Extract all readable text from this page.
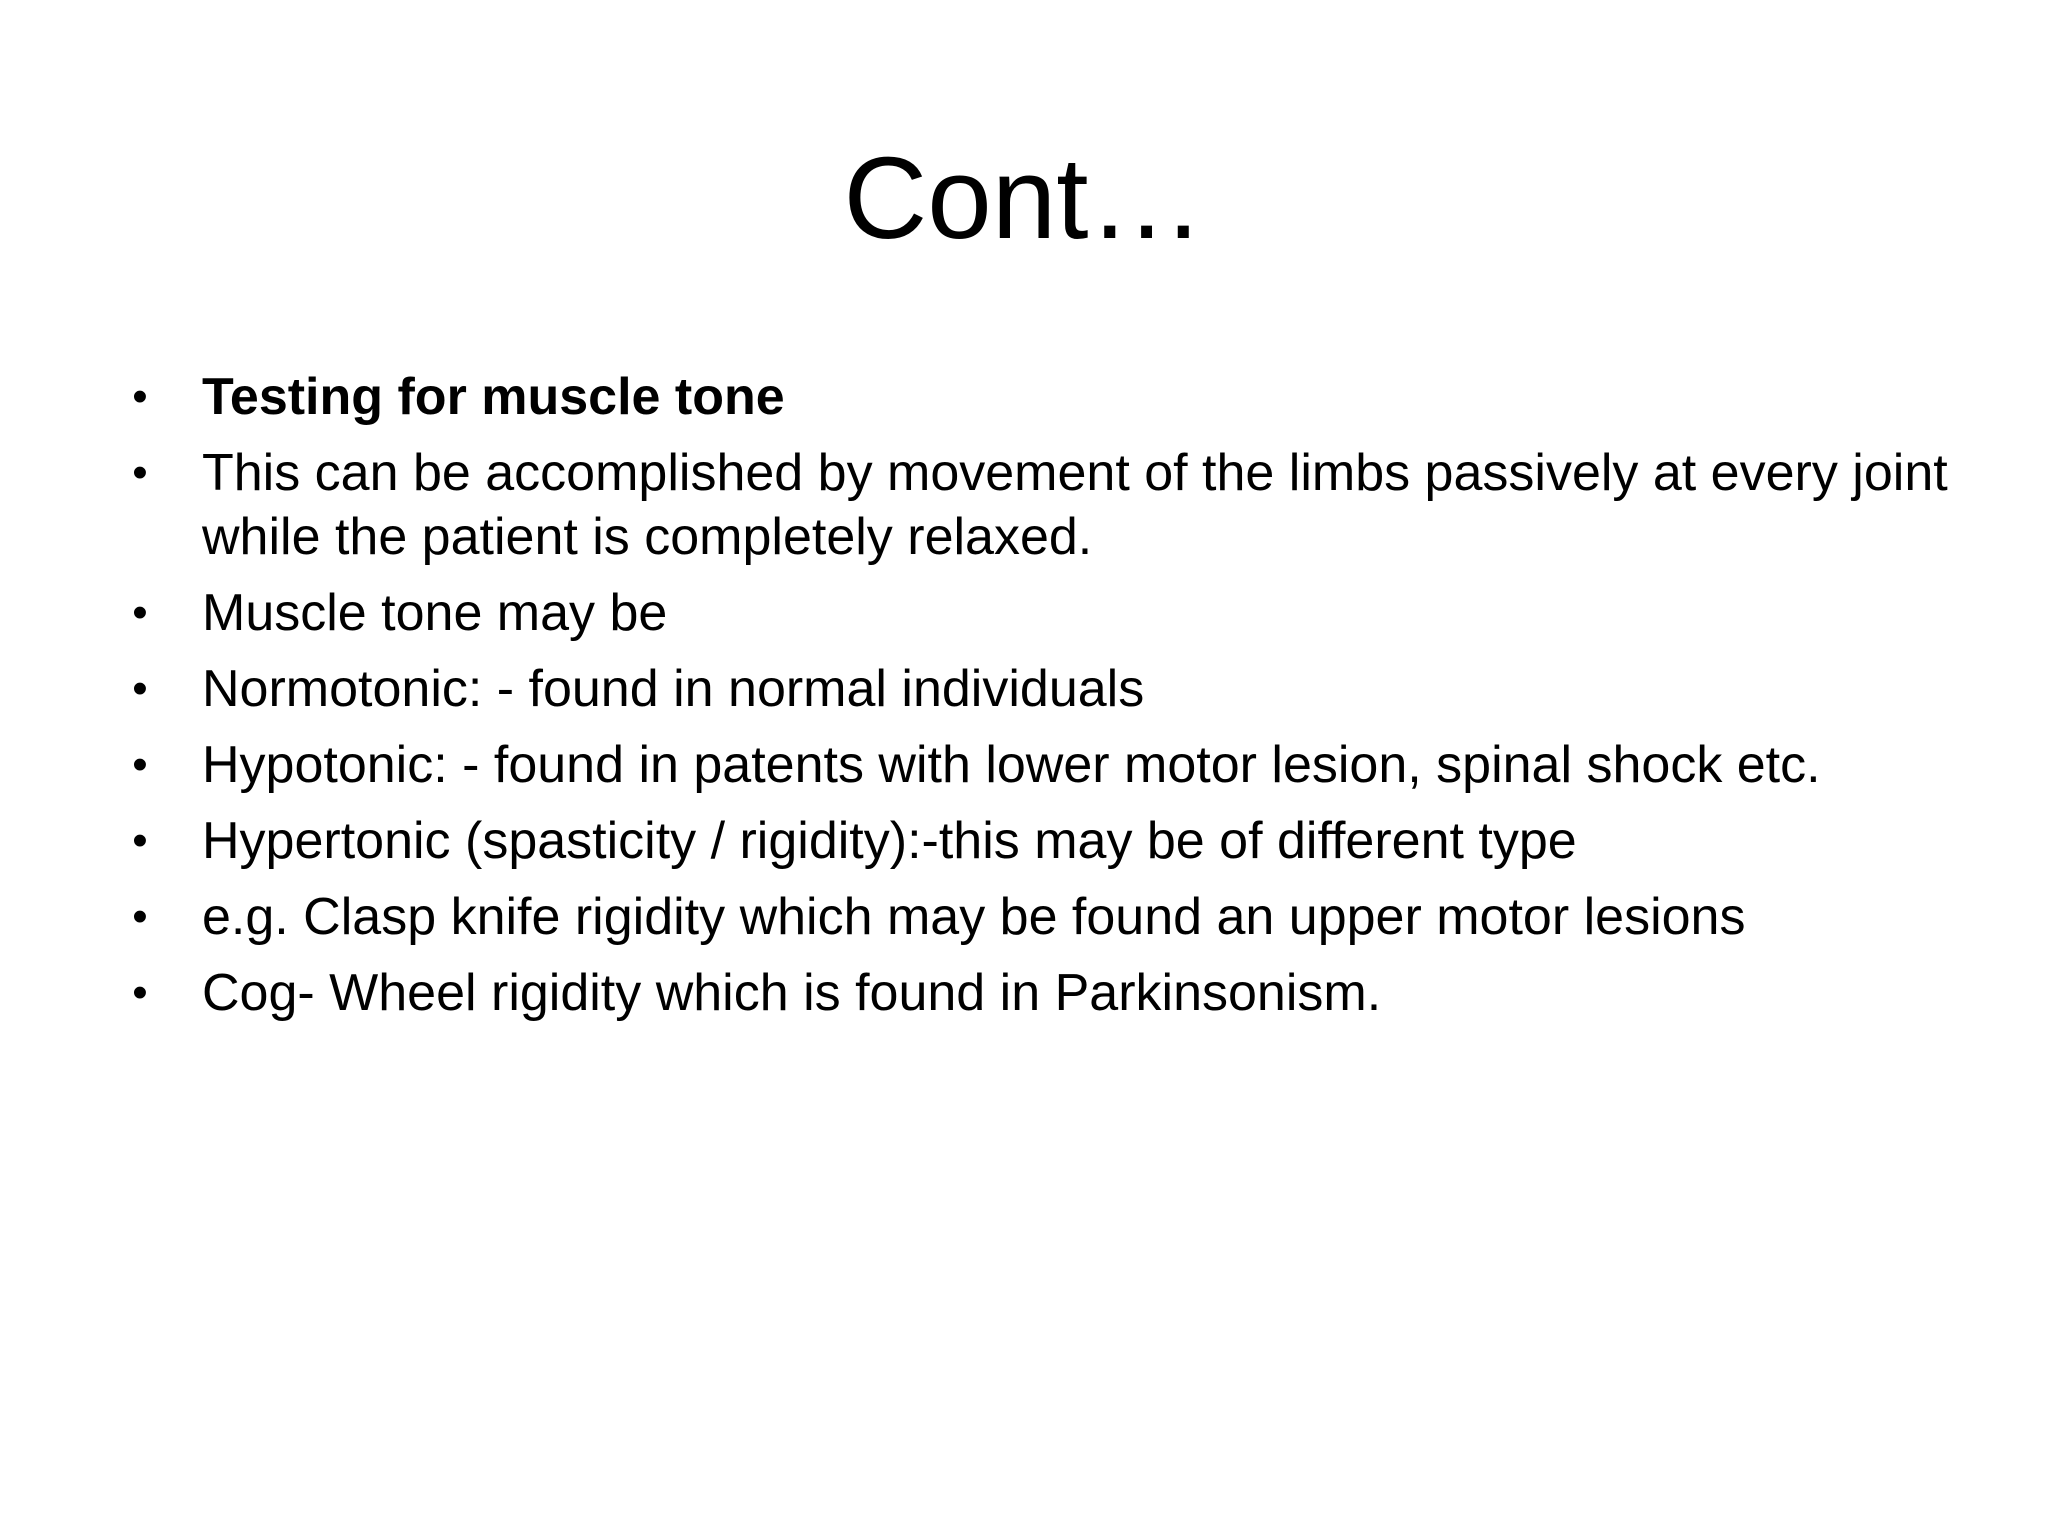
Cont…
• Testing for muscle tone
• This can be accomplished by movement of the limbs passively at every joint while the patient is completely relaxed.
• Muscle tone may be
• Normotonic: - found in normal individuals
• Hypotonic: - found in patents with lower motor lesion, spinal shock etc.
• Hypertonic (spasticity / rigidity):-this may be of different type
• e.g. Clasp knife rigidity which may be found an upper motor lesions
• Cog- Wheel rigidity which is found in Parkinsonism.
